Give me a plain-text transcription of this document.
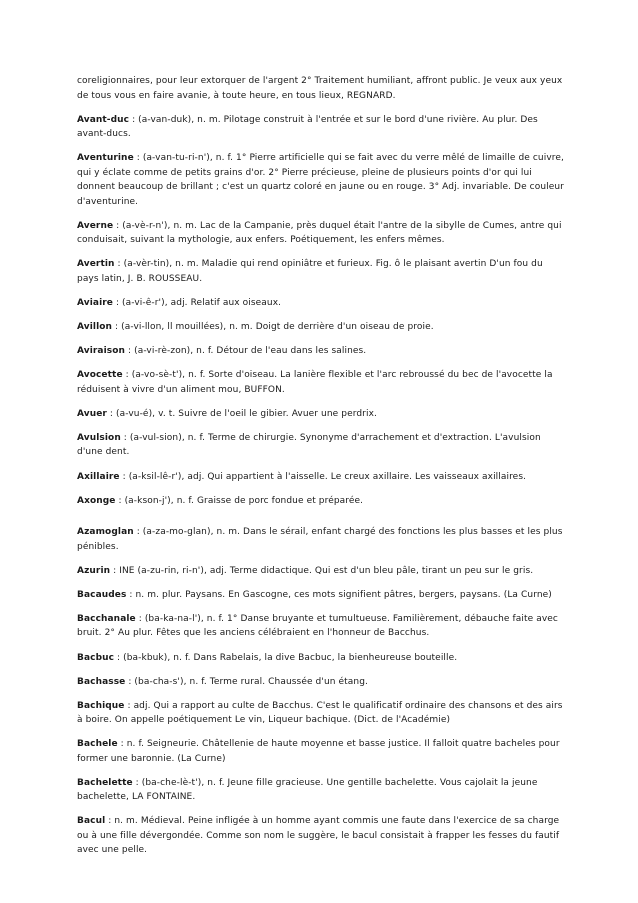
coreligionnaires, pour leur extorquer de l'argent 2° Traitement humiliant, affront public. Je veux aux yeux de tous vous en faire avanie, à toute heure, en tous lieux, REGNARD.

Avant-duc : (a-van-duk), n. m. Pilotage construit à l'entrée et sur le bord d'une rivière. Au plur. Des avant-ducs.

Aventurine : (a-van-tu-ri-n'), n. f. 1° Pierre artificielle qui se fait avec du verre mêlé de limaille de cuivre, qui y éclate comme de petits grains d'or. 2° Pierre précieuse, pleine de plusieurs points d'or qui lui donnent beaucoup de brillant ; c'est un quartz coloré en jaune ou en rouge. 3° Adj. invariable. De couleur d'aventurine.

Averne : (a-vè-r-n'), n. m. Lac de la Campanie, près duquel était l'antre de la sibylle de Cumes, antre qui conduisait, suivant la mythologie, aux enfers. Poétiquement, les enfers mêmes.

Avertin : (a-vèr-tin), n. m. Maladie qui rend opiniâtre et furieux. Fig. ô le plaisant avertin D'un fou du pays latin, J. B. ROUSSEAU.

Aviaire : (a-vi-ê-r'), adj. Relatif aux oiseaux.

Avillon : (a-vi-llon, ll mouillées), n. m. Doigt de derrière d'un oiseau de proie.

Aviraison : (a-vi-rè-zon), n. f. Détour de l'eau dans les salines.

Avocette : (a-vo-sè-t'), n. f. Sorte d'oiseau. La lanière flexible et l'arc rebroussé du bec de l'avocette la réduisent à vivre d'un aliment mou, BUFFON.

Avuer : (a-vu-é), v. t. Suivre de l'oeil le gibier. Avuer une perdrix.

Avulsion : (a-vul-sion), n. f. Terme de chirurgie. Synonyme d'arrachement et d'extraction. L'avulsion d'une dent.

Axillaire : (a-ksil-lê-r'), adj. Qui appartient à l'aisselle. Le creux axillaire. Les vaisseaux axillaires.

Axonge : (a-kson-j'), n. f. Graisse de porc fondue et préparée.

Azamoglan : (a-za-mo-glan), n. m. Dans le sérail, enfant chargé des fonctions les plus basses et les plus pénibles.

Azurin : INE (a-zu-rin, ri-n'), adj. Terme didactique. Qui est d'un bleu pâle, tirant un peu sur le gris.

Bacaudes : n. m. plur. Paysans. En Gascogne, ces mots signifient pâtres, bergers, paysans. (La Curne)

Bacchanale : (ba-ka-na-l'), n. f. 1° Danse bruyante et tumultueuse. Familièrement, débauche faite avec bruit. 2° Au plur. Fêtes que les anciens célébraient en l'honneur de Bacchus.

Bacbuc : (ba-kbuk), n. f. Dans Rabelais, la dive Bacbuc, la bienheureuse bouteille.

Bachasse : (ba-cha-s'), n. f. Terme rural. Chaussée d'un étang.

Bachique : adj. Qui a rapport au culte de Bacchus. C'est le qualificatif ordinaire des chansons et des airs à boire. On appelle poétiquement Le vin, Liqueur bachique. (Dict. de l'Académie)

Bachele : n. f. Seigneurie. Châtellenie de haute moyenne et basse justice. Il falloit quatre bacheles pour former une baronnie. (La Curne)

Bachelette : (ba-che-lè-t'), n. f. Jeune fille gracieuse. Une gentille bachelette. Vous cajolait la jeune bachelette, LA FONTAINE.

Bacul : n. m. Médieval. Peine infligée à un homme ayant commis une faute dans l'exercice de sa charge ou à une fille dévergondée. Comme son nom le suggère, le bacul consistait à frapper les fesses du fautif avec une pelle.
